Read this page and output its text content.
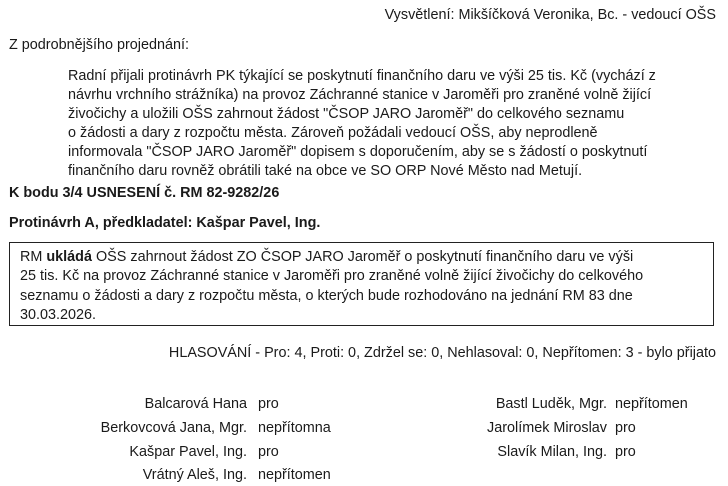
Vysvětlení: Mikšíčková Veronika, Bc. - vedoucí OŠS
Z podrobnějšího projednání:
Radní přijali protinávrh PK týkající se poskytnutí finančního daru ve výši 25 tis. Kč (vychází z
návrhu vrchního strážníka) na provoz Záchranné stanice v Jaroměři pro zraněné volně žijící
živočichy a uložili OŠS zahrnout žádost "ČSOP JARO Jaroměř" do celkového seznamu
o žádosti a dary z rozpočtu města. Zároveň požádali vedoucí OŠS, aby neprodleně
informovala "ČSOP JARO Jaroměř" dopisem s doporučením, aby se s žádostí o poskytnutí
finančního daru rovněž obrátili také na obce ve SO ORP Nové Město nad Metují.
K bodu 3/4 USNESENÍ č. RM 82-9282/26
Protinávrh A, předkladatel: Kašpar Pavel, Ing.
RM ukládá OŠS zahrnout žádost ZO ČSOP JARO Jaroměř o poskytnutí finančního daru ve výši
25 tis. Kč na provoz Záchranné stanice v Jaroměři pro zraněné volně žijící živočichy do celkového
seznamu o žádosti a dary z rozpočtu města, o kterých bude rozhodováno na jednání RM 83 dne
30.03.2026.
HLASOVÁNÍ - Pro: 4, Proti: 0, Zdržel se: 0, Nehlasoval: 0, Nepřítomen: 3 - bylo přijato
Balcarová Hana pro
Berkovcová Jana, Mgr. nepřítomna
Kašpar Pavel, Ing. pro
Vrátný Aleš, Ing. nepřítomen
Bastl Luděk, Mgr. nepřítomen
Jarolímek Miroslav pro
Slavík Milan, Ing. pro
